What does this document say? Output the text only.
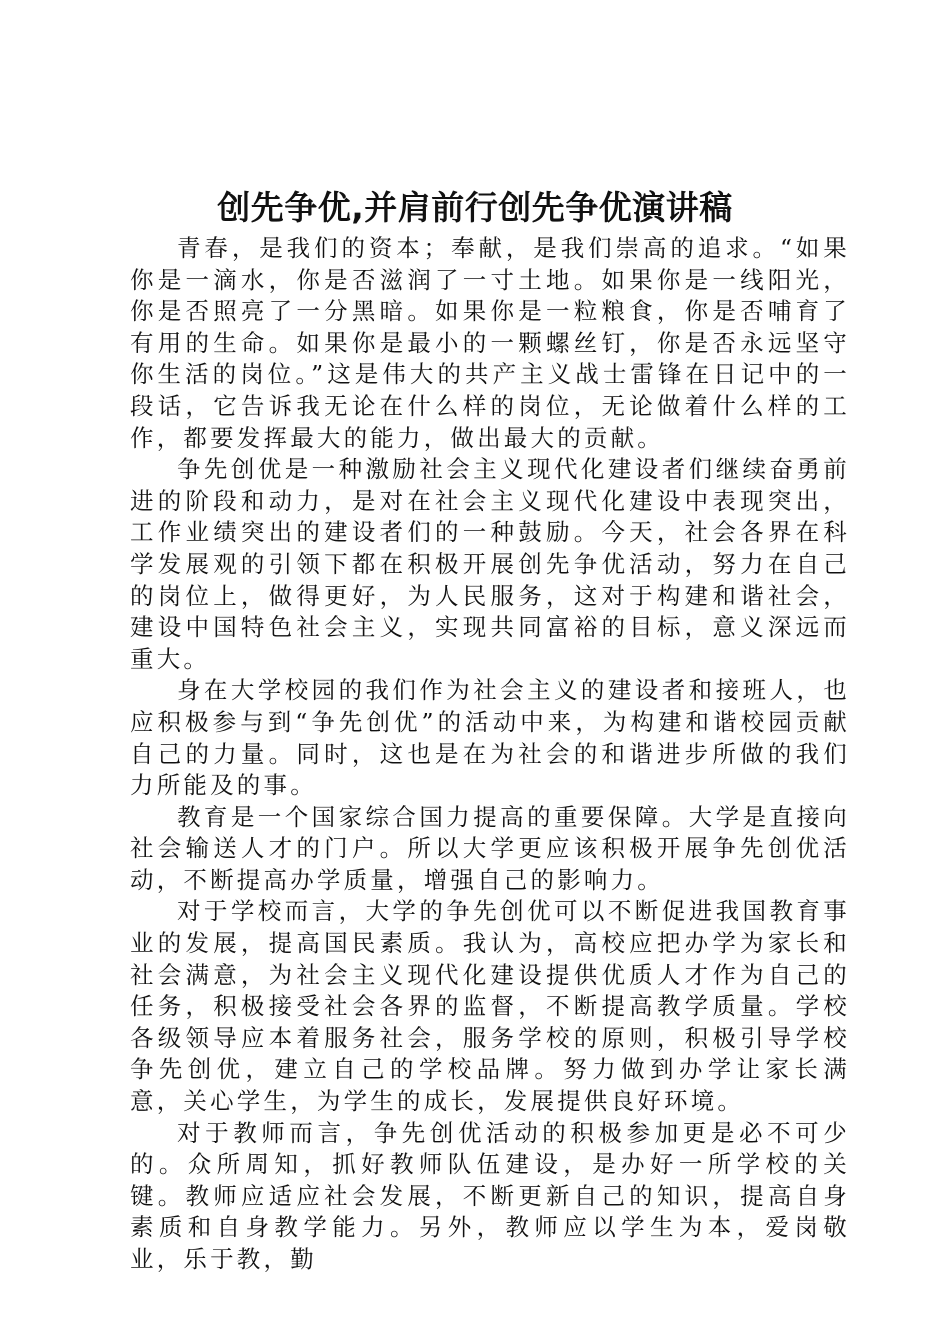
创先争优,并肩前行创先争优演讲稿

青春，是我们的资本；奉献，是我们崇高的追求。“如果你是一滴水，你是否滋润了一寸土地。如果你是一线阳光，你是否照亮了一分黑暗。如果你是一粒粮食，你是否哺育了有用的生命。如果你是最小的一颗螺丝钉，你是否永远坚守你生活的岗位。”这是伟大的共产主义战士雷锋在日记中的一段话，它告诉我无论在什么样的岗位，无论做着什么样的工作，都要发挥最大的能力，做出最大的贡献。

争先创优是一种激励社会主义现代化建设者们继续奋勇前进的阶段和动力，是对在社会主义现代化建设中表现突出，工作业绩突出的建设者们的一种鼓励。今天，社会各界在科学发展观的引领下都在积极开展创先争优活动，努力在自己的岗位上，做得更好，为人民服务，这对于构建和谐社会，建设中国特色社会主义，实现共同富裕的目标，意义深远而重大。

身在大学校园的我们作为社会主义的建设者和接班人，也应积极参与到“争先创优”的活动中来，为构建和谐校园贡献自己的力量。同时，这也是在为社会的和谐进步所做的我们力所能及的事。

教育是一个国家综合国力提高的重要保障。大学是直接向社会输送人才的门户。所以大学更应该积极开展争先创优活动，不断提高办学质量，增强自己的影响力。

对于学校而言，大学的争先创优可以不断促进我国教育事业的发展，提高国民素质。我认为，高校应把办学为家长和社会满意，为社会主义现代化建设提供优质人才作为自己的任务，积极接受社会各界的监督，不断提高教学质量。学校各级领导应本着服务社会，服务学校的原则，积极引导学校争先创优，建立自己的学校品牌。努力做到办学让家长满意，关心学生，为学生的成长，发展提供良好环境。

对于教师而言，争先创优活动的积极参加更是必不可少的。众所周知，抓好教师队伍建设，是办好一所学校的关键。教师应适应社会发展，不断更新自己的知识，提高自身素质和自身教学能力。另外，教师应以学生为本，爱岗敬业，乐于教，勤
